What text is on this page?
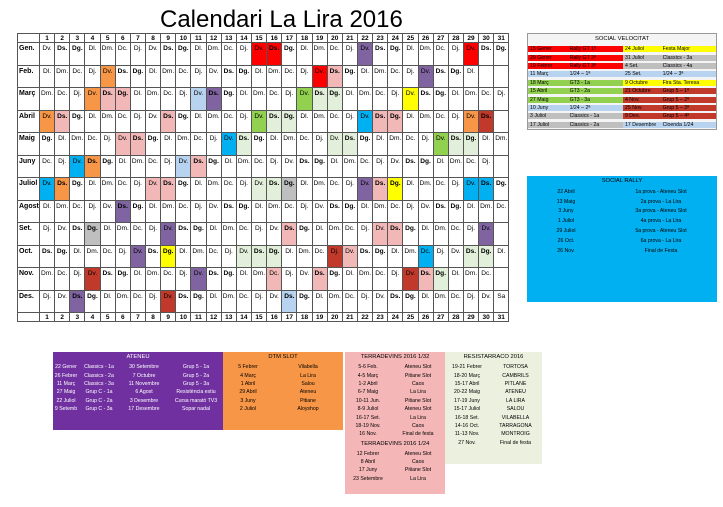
Calendari La Lira 2016
	1	2	3	4	5	6	7	8	9	10	11	12	13	14	15	16	17	18	19	20	21	22	23	24	25	26	27	28	29	30	31
Gen.	Dv.	Ds.	Dg.	Dl.	Dm.	Dc.	Dj.	Dv.	Ds.	Dg.	Dl.	Dm.	Dc.	Dj.	Dv.	Ds.	Dg.	Dl.	Dm.	Dc.	Dj.	Dv.	Ds.	Dg.	Dl.	Dm.	Dc.	Dj.	Dv.	Ds.	Dg.
Feb.	Dl.	Dm.	Dc.	Dj.	Dv.	Ds.	Dg.	Dl.	Dm.	Dc.	Dj.	Dv.	Ds.	Dg.	Dl.	Dm.	Dc.	Dj.	Dv.	Ds.	Dg.	Dl.	Dm.	Dc.	Dj.	Dv.	Ds.	Dg.	Dl.		
Març	Dm.	Dc.	Dj.	Dv.	Ds.	Dg.	Dl.	Dm.	Dc.	Dj.	Dv.	Ds.	Dg.	Dl.	Dm.	Dc.	Dj.	Dv.	Ds.	Dg.	Dl.	Dm.	Dc.	Dj.	Dv.	Ds.	Dg.	Dl.	Dm.	Dc.	Dj.
Abril	Dv.	Ds.	Dg.	Dl.	Dm.	Dc.	Dj.	Dv.	Ds.	Dg.	Dl.	Dm.	Dc.	Dj.	Dv.	Ds.	Dg.	Dl.	Dm.	Dc.	Dj.	Dv.	Ds.	Dg.	Dl.	Dm.	Dc.	Dj.	Dv.	Ds.	
Maig	Dg.	Dl.	Dm.	Dc.	Dj.	Dv.	Ds.	Dg.	Dl.	Dm.	Dc.	Dj.	Dv.	Ds.	Dg.	Dl.	Dm.	Dc.	Dj.	Dv.	Ds.	Dg.	Dl.	Dm.	Dc.	Dj.	Dv.	Ds.	Dg.	Dl.	Dm.
Juny	Dc.	Dj.	Dv.	Ds.	Dg.	Dl.	Dm.	Dc.	Dj.	Dv.	Ds.	Dg.	Dl.	Dm.	Dc.	Dj.	Dv.	Ds.	Dg.	Dl.	Dm.	Dc.	Dj.	Dv.	Ds.	Dg.	Dl.	Dm.	Dc.	Dj.	
Juliol	Dv.	Ds.	Dg.	Dl.	Dm.	Dc.	Dj.	Dv.	Ds.	Dg.	Dl.	Dm.	Dc.	Dj.	Dv.	Ds.	Dg.	Dl.	Dm.	Dc.	Dj.	Dv.	Ds.	Dg.	Dl.	Dm.	Dc.	Dj.	Dv.	Ds.	Dg.
Agost	Dl.	Dm.	Dc.	Dj.	Dv.	Ds.	Dg.	Dl.	Dm.	Dc.	Dj.	Dv.	Ds.	Dg.	Dl.	Dm.	Dc.	Dj.	Dv.	Ds.	Dg.	Dl.	Dm.	Dc.	Dj.	Dv.	Ds.	Dg.	Dl.	Dm.	Dc.
Set.	Dj.	Dv.	Ds.	Dg.	Dl.	Dm.	Dc.	Dj.	Dv.	Ds.	Dg.	Dl.	Dm.	Dc.	Dj.	Dv.	Ds.	Dg.	Dl.	Dm.	Dc.	Dj.	Dv.	Ds.	Dg.	Dl.	Dm.	Dc.	Dj.	Dv.	
Oct.	Ds.	Dg.	Dl.	Dm.	Dc.	Dj.	Dv.	Ds.	Dg.	Dl.	Dm.	Dc.	Dj.	Dv.	Ds.	Dg.	Dl.	Dm.	Dc.	Dj.	Dv.	Ds.	Dg.	Dl.	Dm.	Dc.	Dj.	Dv.	Ds.	Dg.	Dl.
Nov.	Dm.	Dc.	Dj.	Dv.	Ds.	Dg.	Dl.	Dm.	Dc.	Dj.	Dv.	Ds.	Dg.	Dl.	Dm.	Dc.	Dj.	Dv.	Ds.	Dg.	Dl.	Dm.	Dc.	Dj.	Dv.	Ds.	Dg.	Dl.	Dm.	Dc.	
Des.	Dj.	Dv.	Ds.	Dg.	Dl.	Dm.	Dc.	Dj.	Dv.	Ds.	Dg.	Dl.	Dm.	Dc.	Dj.	Dv.	Ds.	Dg.	Dl.	Dm.	Dc.	Dj.	Dv.	Ds.	Dg.	Dl.	Dm.	Dc.	Dj.	Dv.	Sa
	1	2	3	4	5	6	7	8	9	10	11	12	13	14	15	16	17	18	19	20	21	22	23	24	25	26	27	28	29	30	31
SOCIAL VELOCITAT
15 Gener	Rally GT 1ª	24 Juliol	Festa Major
29 Gener	Rally GT 2ª	31 Juliol	Classics - 3a
19 Febrer	Rally GT 3ª	4 Set.	Classics - 4a
11 Març	1/24 – 1ª	25 Set.	1/24 – 3ª
18 Març	GT3 - 1a	9 Octubre	Fira Sta. Teresa
15 Abril	GT3 - 2a	21 Octubre	Grup 5 – 1ª
27 Maig	GT3 - 3a	4 Nov.	Grup 5 – 2ª
10 Juny	1/24 – 2ª	25 Nov.	Grup 5 – 3ª
3 Juliol	Classics - 1a	9 Des.	Grup 5 – 4ª
17 Juliol	Classics - 2a	17 Desembre	Cloenda 1/24
SOCIAL RALLY
22 Abril	1a prova - Ateneu Slot
13 Maig	2a prova - La Lira
3 Juny	3a prova - Ateneu Slot
1 Juliol	4a prova - La Lira
29 Juliol	5a prova - Ateneu Slot
26 Oct.	6a prova - La Lira
26 Nov.	Final de Festa
ATENEU
22 Gener	Classics - 1a	30 Setembre	Grup 5 - 1a
26 Febrer	Classics - 2a	7 Octubre	Grup 5 - 2a
11 Març	Classics - 3a	11 Novembre	Grup 5 - 3a
27 Maig	Grup C - 1a	6 Agost	Resistència estiu
22 Juliol	Grup C - 2a	3 Desembre	Cursa marató TV3
9 Setemb	Grup C - 3a	17 Desembre	Sopar nadal
DTM SLOT
5 Febrer	Vilabella
4 Març	La Lira
1 Abril	Salou
29 Abril	Ateneu
3 Juny	Pitiane
2 Juliol	Aloyshop
TERRADEVINS 2016 1/32
5-6 Feb.	Ateneu Slot
4-5 Març	Pitiane Slot
1-2 Abril	Caos
6-7 Maig	La Lira
10-11 Jun.	Pitiane Slot
8-9 Juliol	Ateneu Slot
16-17 Set.	La Lira
18-19 Nov.	Caos
16 Nov.	Final de festa
TERRADEVINS 2016 1/24
12 Febrer	Ateneu Slot
8 Abril	Caos
17 Juny	Pitiane Slot
23 Setembre	La Lira
RESISTARRACO 2016
19-21 Febrer	TORTOSA
18-20 Març	CAMBRILS
15-17 Abril	PITLANE
20-22 Maig	ATENEU
17-19 Juny	LA LIRA
15-17 Juliol	SALOU
16-18 Set.	VILABELLA
14-16 Oct.	TARRAGONA
11-13 Nov.	MONTROIG
27 Nov.	Final de festa
